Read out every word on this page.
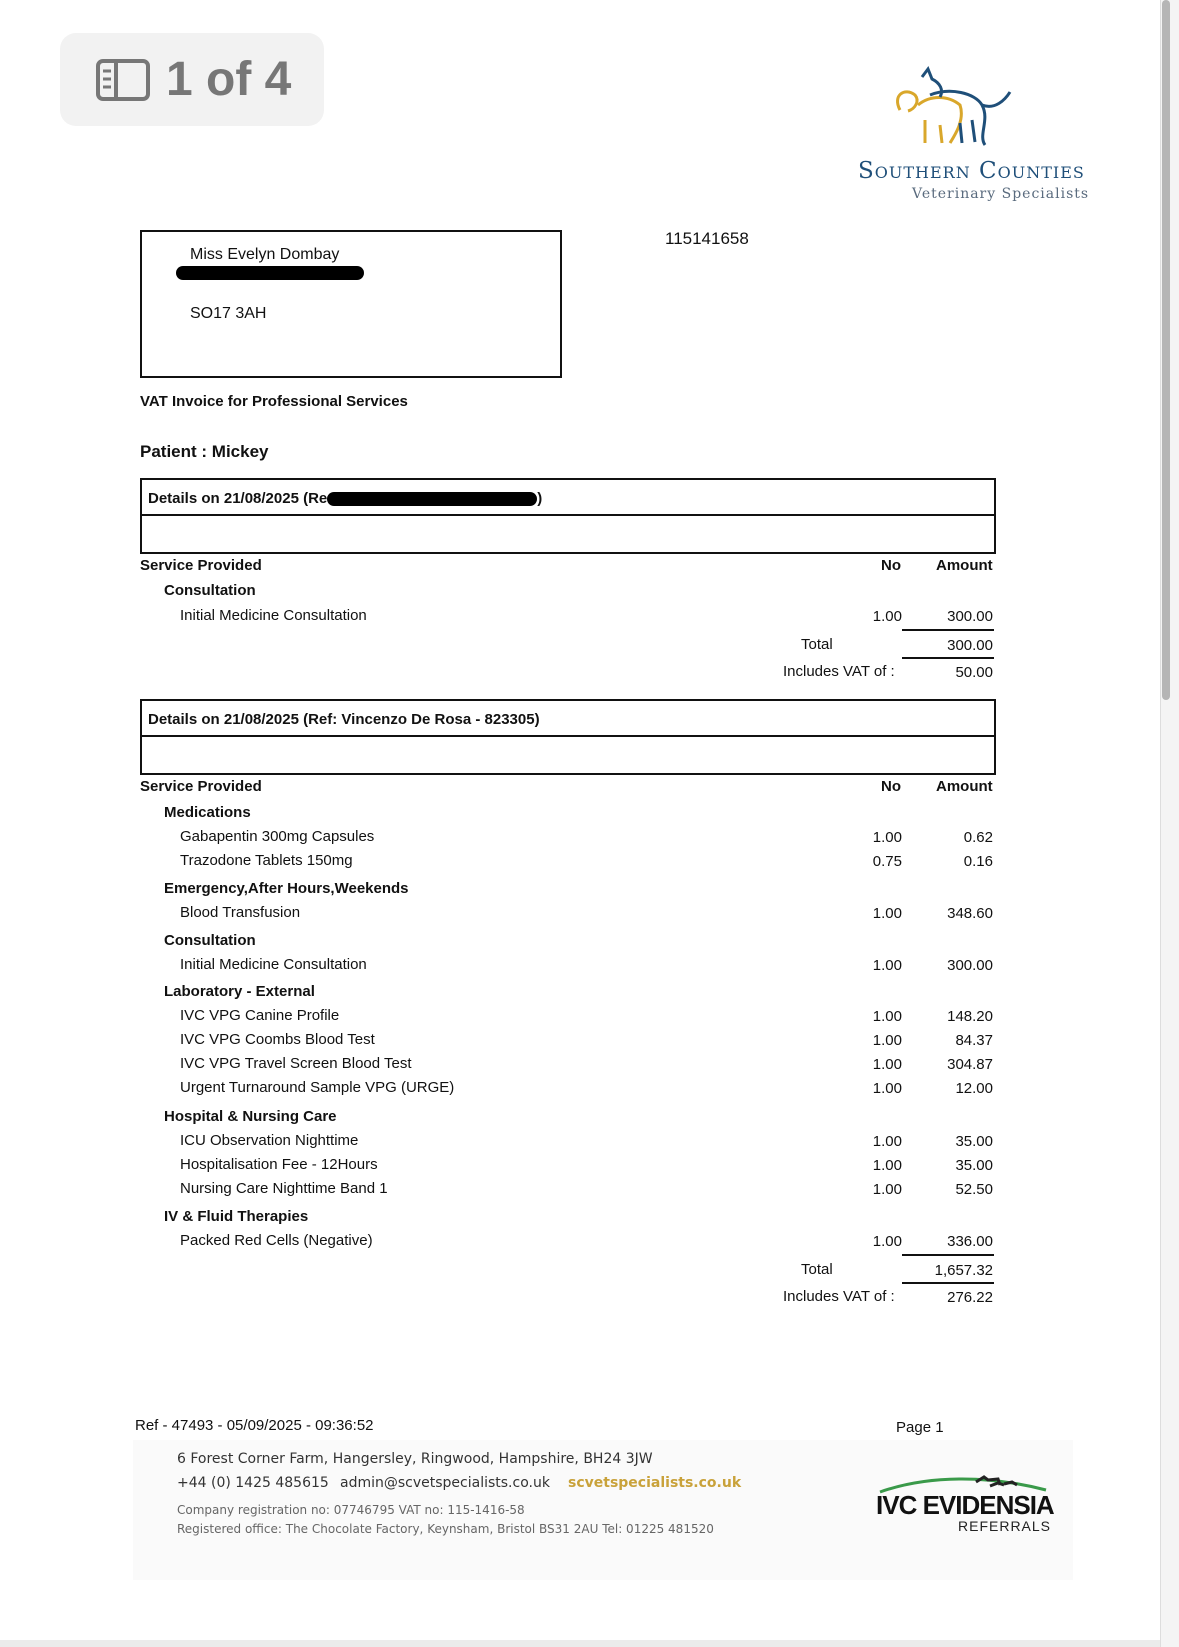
1 of 4
Southern Counties
Veterinary Specialists
115141658
Miss Evelyn Dombay
SO17 3AH
VAT Invoice for Professional Services
Patient : Mickey
Details on 21/08/2025 (Re	)
Service Provided	No Amount
Consultation
Initial Medicine Consultation	1.00	300.00
Total	300.00
Includes VAT of :	50.00
Details on 21/08/2025 (Ref: Vincenzo De Rosa - 823305)
Service Provided	No Amount
Medications
Gabapentin 300mg Capsules	1.00	0.62
Trazodone Tablets 150mg	0.75	0.16
Emergency,After Hours,Weekends
Blood Transfusion	1.00	348.60
Consultation
Initial Medicine Consultation	1.00	300.00
Laboratory - External
IVC VPG Canine Profile	1.00	148.20
IVC VPG Coombs Blood Test	1.00	84.37
IVC VPG Travel Screen Blood Test	1.00	304.87
Urgent Turnaround Sample VPG (URGE)	1.00	12.00
Hospital & Nursing Care
ICU Observation Nighttime	1.00	35.00
Hospitalisation Fee - 12Hours	1.00	35.00
Nursing Care Nighttime Band 1	1.00	52.50
IV & Fluid Therapies
Packed Red Cells (Negative)	1.00	336.00
Total	1,657.32
Includes VAT of :	276.22
Ref - 47493 - 05/09/2025 - 09:36:52	Page 1
6 Forest Corner Farm, Hangersley, Ringwood, Hampshire, BH24 3JW
+44 (0) 1425 485615 admin@scvetspecialists.co.uk scvetspecialists.co.uk
Company registration no: 07746795 VAT no: 115-1416-58
Registered office: The Chocolate Factory, Keynsham, Bristol BS31 2AU Tel: 01225 481520
IVC EVIDENSIA
REFERRALS
